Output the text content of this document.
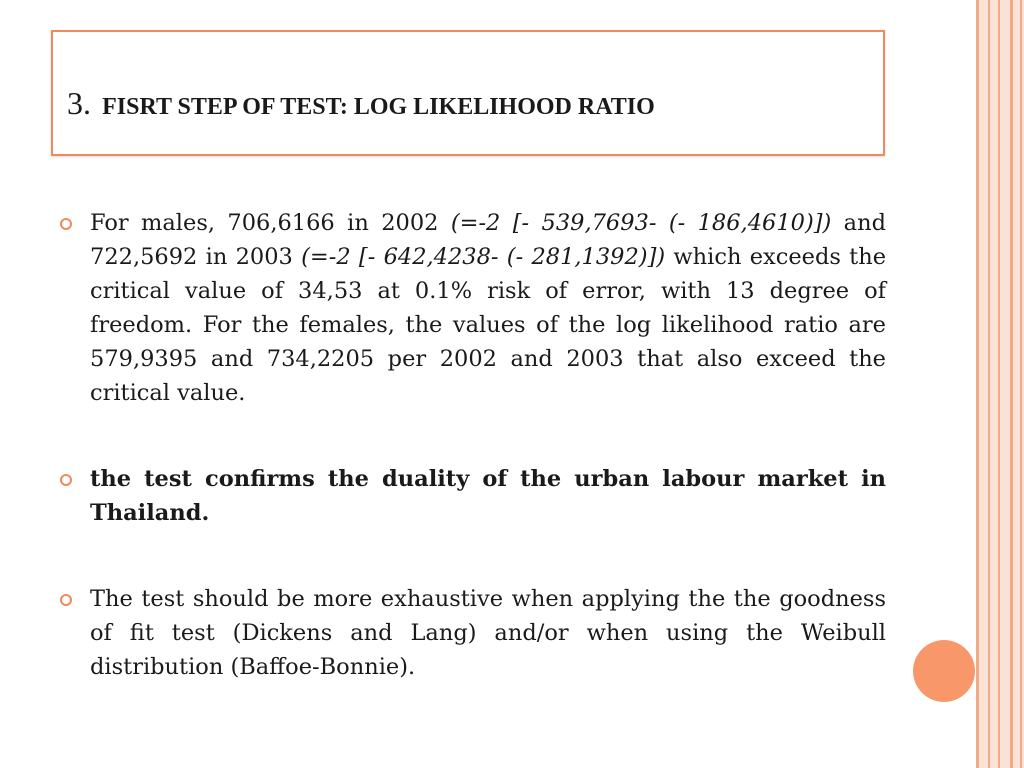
3. FISRT STEP OF TEST: LOG LIKELIHOOD RATIO
For males, 706,6166 in 2002 (=-2 [- 539,7693- (- 186,4610)]) and 722,5692 in 2003 (=-2 [- 642,4238- (- 281,1392)]) which exceeds the critical value of 34,53 at 0.1% risk of error, with 13 degree of freedom. For the females, the values of the log likelihood ratio are 579,9395 and 734,2205 per 2002 and 2003 that also exceed the critical value.
the test confirms the duality of the urban labour market in Thailand.
The test should be more exhaustive when applying the the goodness of fit test (Dickens and Lang) and/or when using the Weibull distribution (Baffoe-Bonnie).
